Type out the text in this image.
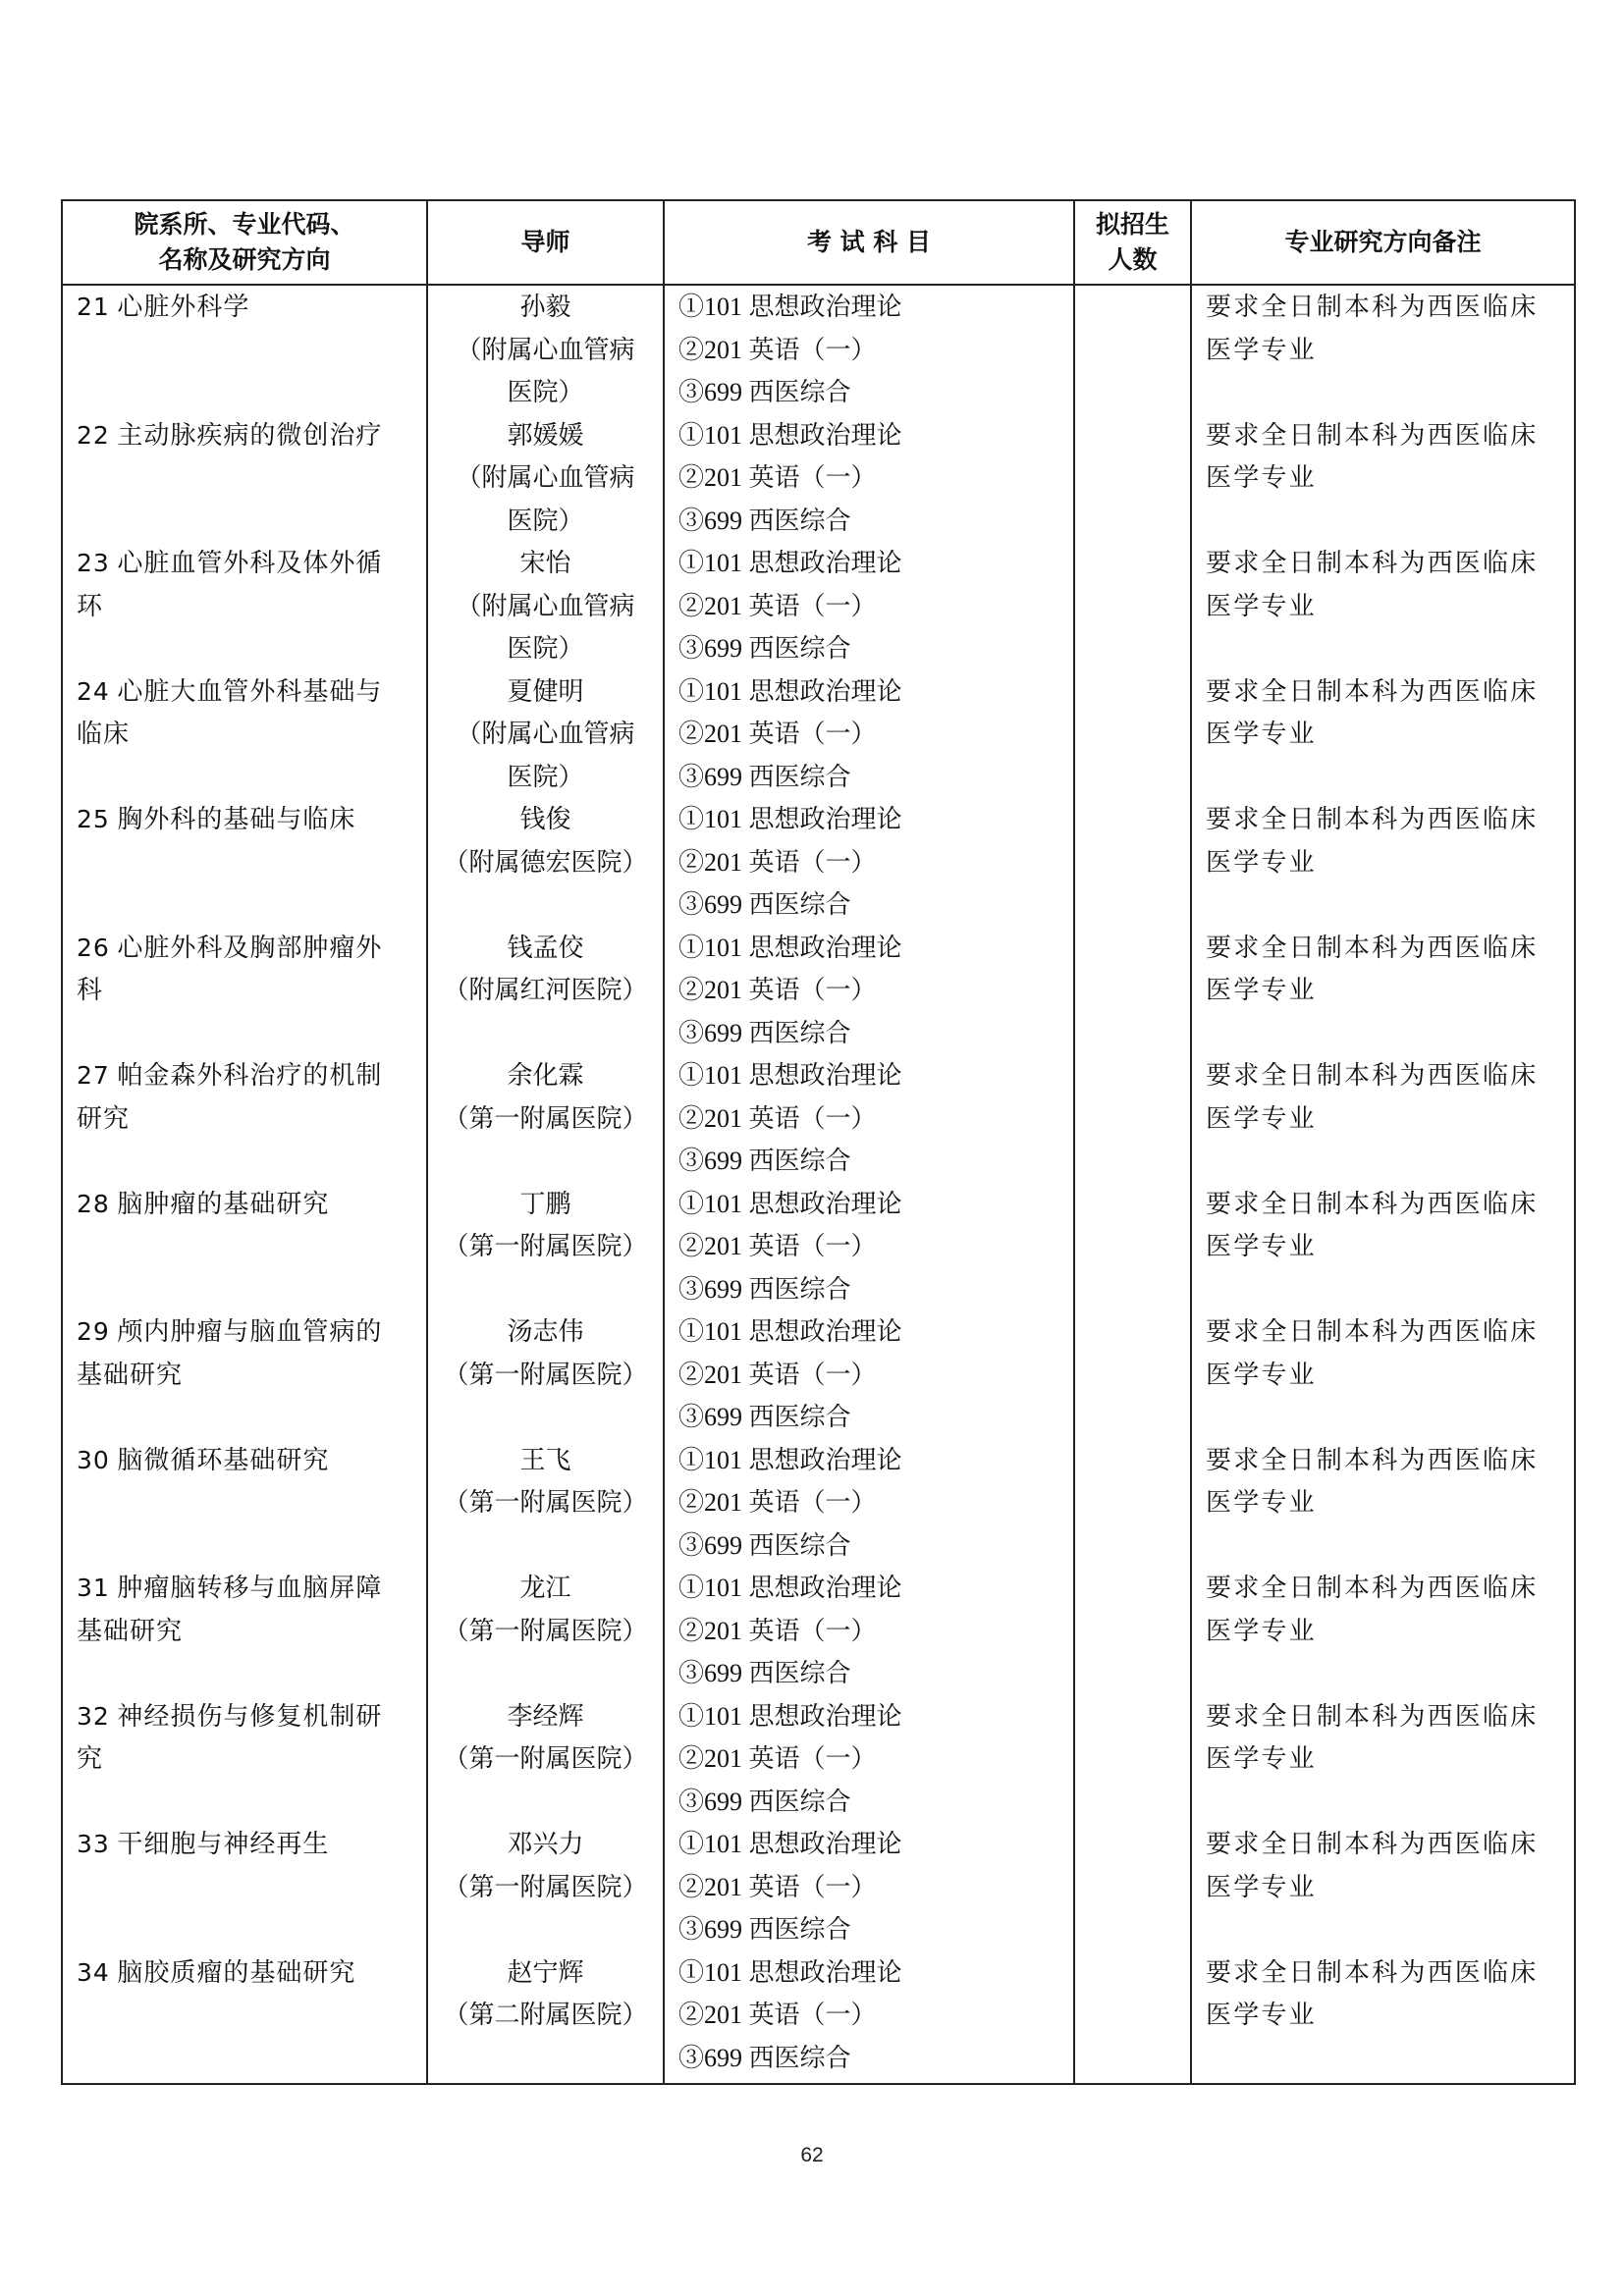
院系所、专业代码、
名称及研究方向	导师	考 试 科 目	拟招生
人数	专业研究方向备注

21 心脏外科学	孙毅
（附属心血管病
医院）	①101 思想政治理论
②201 英语（一）
③699 西医综合		要求全日制本科为西医临床
医学专业

22 主动脉疾病的微创治疗	郭媛媛
（附属心血管病
医院）	①101 思想政治理论
②201 英语（一）
③699 西医综合		要求全日制本科为西医临床
医学专业

23 心脏血管外科及体外循
环	宋怡
（附属心血管病
医院）	①101 思想政治理论
②201 英语（一）
③699 西医综合		要求全日制本科为西医临床
医学专业

24 心脏大血管外科基础与
临床	夏健明
（附属心血管病
医院）	①101 思想政治理论
②201 英语（一）
③699 西医综合		要求全日制本科为西医临床
医学专业

25 胸外科的基础与临床	钱俊
（附属德宏医院）	①101 思想政治理论
②201 英语（一）
③699 西医综合		要求全日制本科为西医临床
医学专业

26 心脏外科及胸部肿瘤外
科	钱孟佼
（附属红河医院）	①101 思想政治理论
②201 英语（一）
③699 西医综合		要求全日制本科为西医临床
医学专业

27 帕金森外科治疗的机制
研究	余化霖
（第一附属医院）	①101 思想政治理论
②201 英语（一）
③699 西医综合		要求全日制本科为西医临床
医学专业

28 脑肿瘤的基础研究	丁鹏
（第一附属医院）	①101 思想政治理论
②201 英语（一）
③699 西医综合		要求全日制本科为西医临床
医学专业

29 颅内肿瘤与脑血管病的
基础研究	汤志伟
（第一附属医院）	①101 思想政治理论
②201 英语（一）
③699 西医综合		要求全日制本科为西医临床
医学专业

30 脑微循环基础研究	王飞
（第一附属医院）	①101 思想政治理论
②201 英语（一）
③699 西医综合		要求全日制本科为西医临床
医学专业

31 肿瘤脑转移与血脑屏障
基础研究	龙江
（第一附属医院）	①101 思想政治理论
②201 英语（一）
③699 西医综合		要求全日制本科为西医临床
医学专业

32 神经损伤与修复机制研
究	李经辉
（第一附属医院）	①101 思想政治理论
②201 英语（一）
③699 西医综合		要求全日制本科为西医临床
医学专业

33 干细胞与神经再生	邓兴力
（第一附属医院）	①101 思想政治理论
②201 英语（一）
③699 西医综合		要求全日制本科为西医临床
医学专业

34 脑胶质瘤的基础研究	赵宁辉
（第二附属医院）	①101 思想政治理论
②201 英语（一）
③699 西医综合		要求全日制本科为西医临床
医学专业
62
